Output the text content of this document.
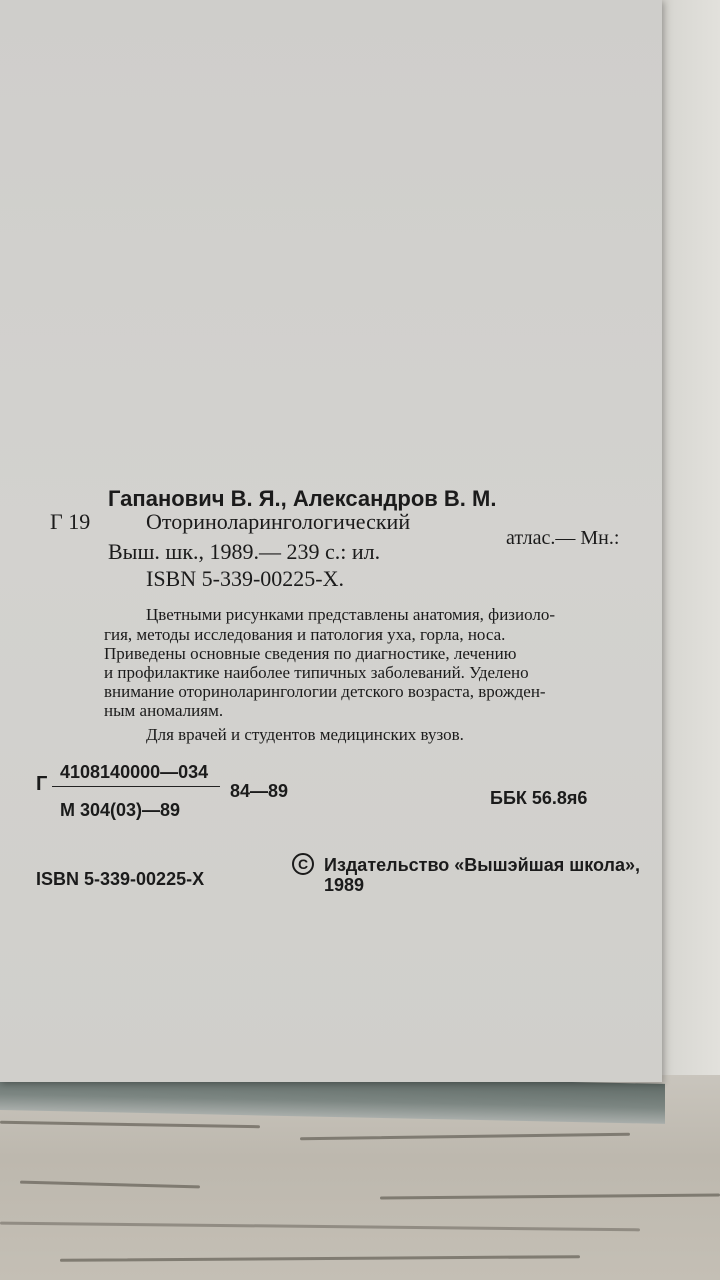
Гапанович В. Я., Александров В. М.
Г 19	Оториноларингологический
атлас.— Мн.:
Выш. шк., 1989.— 239 с.: ил.
ISBN 5-339-00225-X.
Цветными рисунками представлены анатомия, физиоло-
гия, методы исследования и патология уха, горла, носа.
Приведены основные сведения по диагностике, лечению
и профилактике наиболее типичных заболеваний. Уделено
внимание оториноларингологии детского возраста, врожден-
ным аномалиям.
Для врачей и студентов медицинских вузов.
Г
4108140000—034
М 304(03)—89
84—89	ББК 56.8я6
ISBN 5-339-00225-X
C Издательство «Вышэйшая школа»,
1989
